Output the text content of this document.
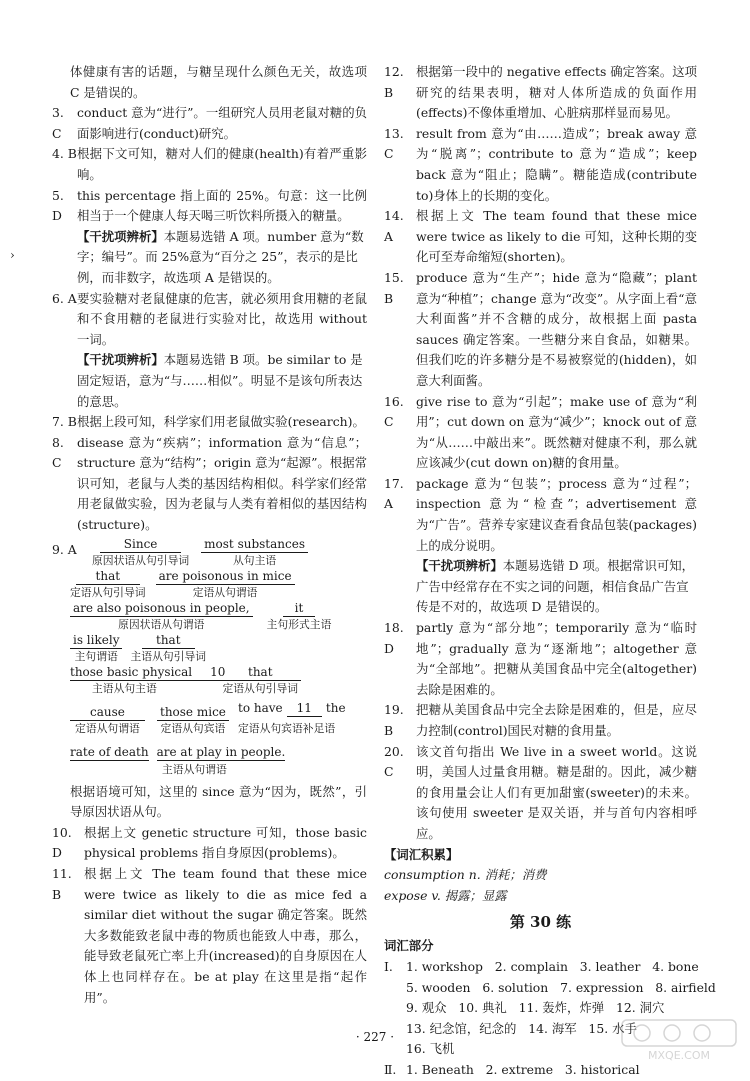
›

体健康有害的话题，与糖呈现什么颜色无关，故选项 C 是错误的。

3. C
conduct 意为“进行”。一组研究人员用老鼠对糖的负面影响进行(conduct)研究。
4. B 根据下文可知，糖对人们的健康(health)有着严重影响。
5. D
this percentage 指上面的 25%。句意：这一比例相当于一个健康人每天喝三听饮料所摄入的糖量。
【干扰项辨析】本题易选错 A 项。number 意为“数字；编号”。而 25%意为“百分之 25”，表示的是比例，而非数字，故选项 A 是错误的。
6. A 要实验糖对老鼠健康的危害，就必须用食用糖的老鼠和不食用糖的老鼠进行实验对比，故选用 without 一词。
【干扰项辨析】本题易选错 B 项。be similar to 是固定短语，意为“与……相似”。明显不是该句所表达的意思。
7. B 根据上段可知，科学家们用老鼠做实验(research)。
8. C
disease 意为“疾病”；information 意为“信息”；structure 意为“结构”；origin 意为“起源”。根据常识可知，老鼠与人类的基因结构相似。科学家们经常用老鼠做实验，因为老鼠与人类有着相似的基因结构(structure)。
9. A	Since
原因状语从句引导词
most substances
从句主语
that
定语从句引导词
are poisonous in mice
定语从句谓语
are also poisonous in people,
原因状语从句谓语
it
主句形式主语
is likely
主句谓语
that
主语从句引导词
those basic physical	10
主语从句主语
that
定语从句引导词
cause
定语从句谓语
those mice
定语从句宾语
to have	11	the
定语从句宾语补足语
rate of death are at play in people.
主语从句谓语

根据语境可知，这里的 since 意为“因为，既然”，引导原因状语从句。

10. D
根据上文 genetic structure 可知，those basic physical problems 指自身原因(problems)。
11. B
根据上文 The team found that these mice were twice as likely to die as mice fed a similar diet without the sugar 确定答案。既然大多数能致老鼠中毒的物质也能致人中毒，那么，能导致老鼠死亡率上升(increased)的自身原因在人体上也同样存在。be at play 在这里是指“起作用”。
12. B
根据第一段中的 negative effects 确定答案。这项研究的结果表明，糖对人体所造成的负面作用(effects)不像体重增加、心脏病那样显而易见。
13. C
result from 意为“由……造成”；break away 意为“脱离”；contribute to 意为“造成”；keep back 意为“阻止；隐瞒”。糖能造成(contribute to)身体上的长期的变化。
14. A
根据上文 The team found that these mice were twice as likely to die 可知，这种长期的变化可至寿命缩短(shorten)。
15. B
produce 意为“生产”；hide 意为“隐藏”；plant 意为“种植”；change 意为“改变”。从字面上看“意大利面酱”并不含糖的成分，故根据上面 pasta sauces 确定答案。一些糖分来自食品，如糖果。但我们吃的许多糖分是不易被察觉的(hidden)，如意大利面酱。
16. C
give rise to 意为“引起”；make use of 意为“利用”；cut down on 意为“减少”；knock out of 意为“从……中敲出来”。既然糖对健康不利，那么就应该减少(cut down on)糖的食用量。
17. A
package 意为“包装”；process 意为“过程”；inspection 意为“检查”；advertisement 意为“广告”。营养专家建议查看食品包装(packages)上的成分说明。
【干扰项辨析】本题易选错 D 项。根据常识可知，广告中经常存在不实之词的问题，相信食品广告宣传是不对的，故选项 D 是错误的。
18. D
partly 意为“部分地”；temporarily 意为“临时地”；gradually 意为“逐渐地”；altogether 意为“全部地”。把糖从美国食品中完全(altogether)去除是困难的。
19. B
把糖从美国食品中完全去除是困难的，但是，应尽力控制(control)国民对糖的食用量。
20. C
该文首句指出 We live in a sweet world。这说明，美国人过量食用糖。糖是甜的。因此，减少糖的食用量会让人们有更加甜蜜(sweeter)的未来。该句使用 sweeter 是双关语，并与首句内容相呼应。
【词汇积累】
consumption n. 消耗；消费
expose v. 揭露；显露
第 30 练
词汇部分
Ⅰ.	1. workshop   2. complain   3. leather   4. bone
5. wooden   6. solution   7. expression   8. airfield
9. 观众   10. 典礼   11. 轰炸，炸弹   12. 洞穴
13. 纪念馆，纪念的   14. 海军   15. 水手
16. 飞机
Ⅱ. 1. Beneath   2. extreme   3. historical
· 227 ·
MXQE.COM
